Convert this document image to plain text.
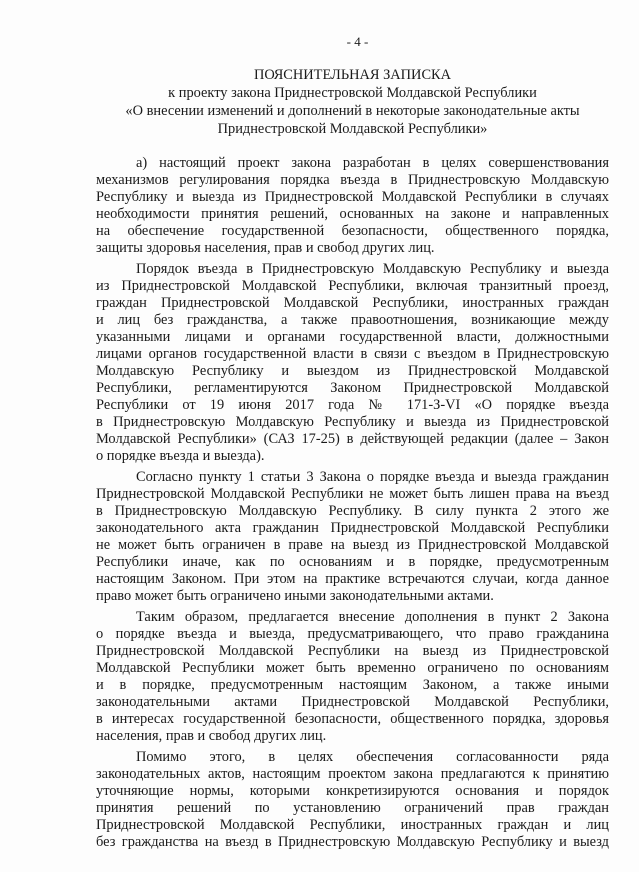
- 4 -
ПОЯСНИТЕЛЬНАЯ ЗАПИСКА
к проекту закона Приднестровской Молдавской Республики
«О внесении изменений и дополнений в некоторые законодательные акты
Приднестровской Молдавской Республики»
а) настоящий проект закона разработан в целях совершенствования
механизмов регулирования порядка въезда в Приднестровскую Молдавскую
Республику и выезда из Приднестровской Молдавской Республики в случаях
необходимости принятия решений, основанных на законе и направленных
на обеспечение государственной безопасности, общественного порядка,
защиты здоровья населения, прав и свобод других лиц.
Порядок въезда в Приднестровскую Молдавскую Республику и выезда
из Приднестровской Молдавской Республики, включая транзитный проезд,
граждан Приднестровской Молдавской Республики, иностранных граждан
и лиц без гражданства, а также правоотношения, возникающие между
указанными лицами и органами государственной власти, должностными
лицами органов государственной власти в связи с въездом в Приднестровскую
Молдавскую Республику и выездом из Приднестровской Молдавской
Республики, регламентируются Законом Приднестровской Молдавской
Республики от 19 июня 2017 года № 171-З-VI «О порядке въезда
в Приднестровскую Молдавскую Республику и выезда из Приднестровской
Молдавской Республики» (САЗ 17-25) в действующей редакции (далее – Закон
о порядке въезда и выезда).
Согласно пункту 1 статьи 3 Закона о порядке въезда и выезда гражданин
Приднестровской Молдавской Республики не может быть лишен права на въезд
в Приднестровскую Молдавскую Республику. В силу пункта 2 этого же
законодательного акта гражданин Приднестровской Молдавской Республики
не может быть ограничен в праве на выезд из Приднестровской Молдавской
Республики иначе, как по основаниям и в порядке, предусмотренным
настоящим Законом. При этом на практике встречаются случаи, когда данное
право может быть ограничено иными законодательными актами.
Таким образом, предлагается внесение дополнения в пункт 2 Закона
о порядке въезда и выезда, предусматривающего, что право гражданина
Приднестровской Молдавской Республики на выезд из Приднестровской
Молдавской Республики может быть временно ограничено по основаниям
и в порядке, предусмотренным настоящим Законом, а также иными
законодательными актами Приднестровской Молдавской Республики,
в интересах государственной безопасности, общественного порядка, здоровья
населения, прав и свобод других лиц.
Помимо этого, в целях обеспечения согласованности ряда
законодательных актов, настоящим проектом закона предлагаются к принятию
уточняющие нормы, которыми конкретизируются основания и порядок
принятия решений по установлению ограничений прав граждан
Приднестровской Молдавской Республики, иностранных граждан и лиц
без гражданства на въезд в Приднестровскую Молдавскую Республику и выезд
